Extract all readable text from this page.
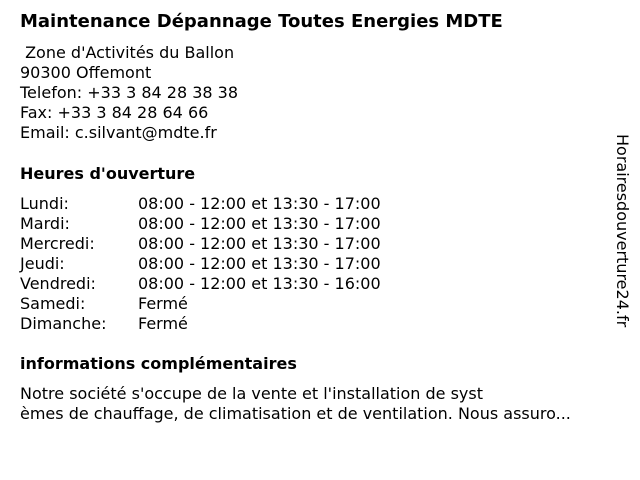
Maintenance Dépannage Toutes Energies MDTE
Zone d'Activités du Ballon
90300 Offemont
Telefon: +33 3 84 28 38 38
Fax: +33 3 84 28 64 66
Email: c.silvant@mdte.fr
Heures d'ouverture
Lundi:	08:00 - 12:00 et 13:30 - 17:00
Mardi:	08:00 - 12:00 et 13:30 - 17:00
Mercredi:	08:00 - 12:00 et 13:30 - 17:00
Jeudi:	08:00 - 12:00 et 13:30 - 17:00
Vendredi:	08:00 - 12:00 et 13:30 - 16:00
Samedi:	Fermé
Dimanche:	Fermé
informations complémentaires
Notre société s'occupe de la vente et l'installation de syst
èmes de chauffage, de climatisation et de ventilation. Nous assuro...
Horairesdouverture24.fr
